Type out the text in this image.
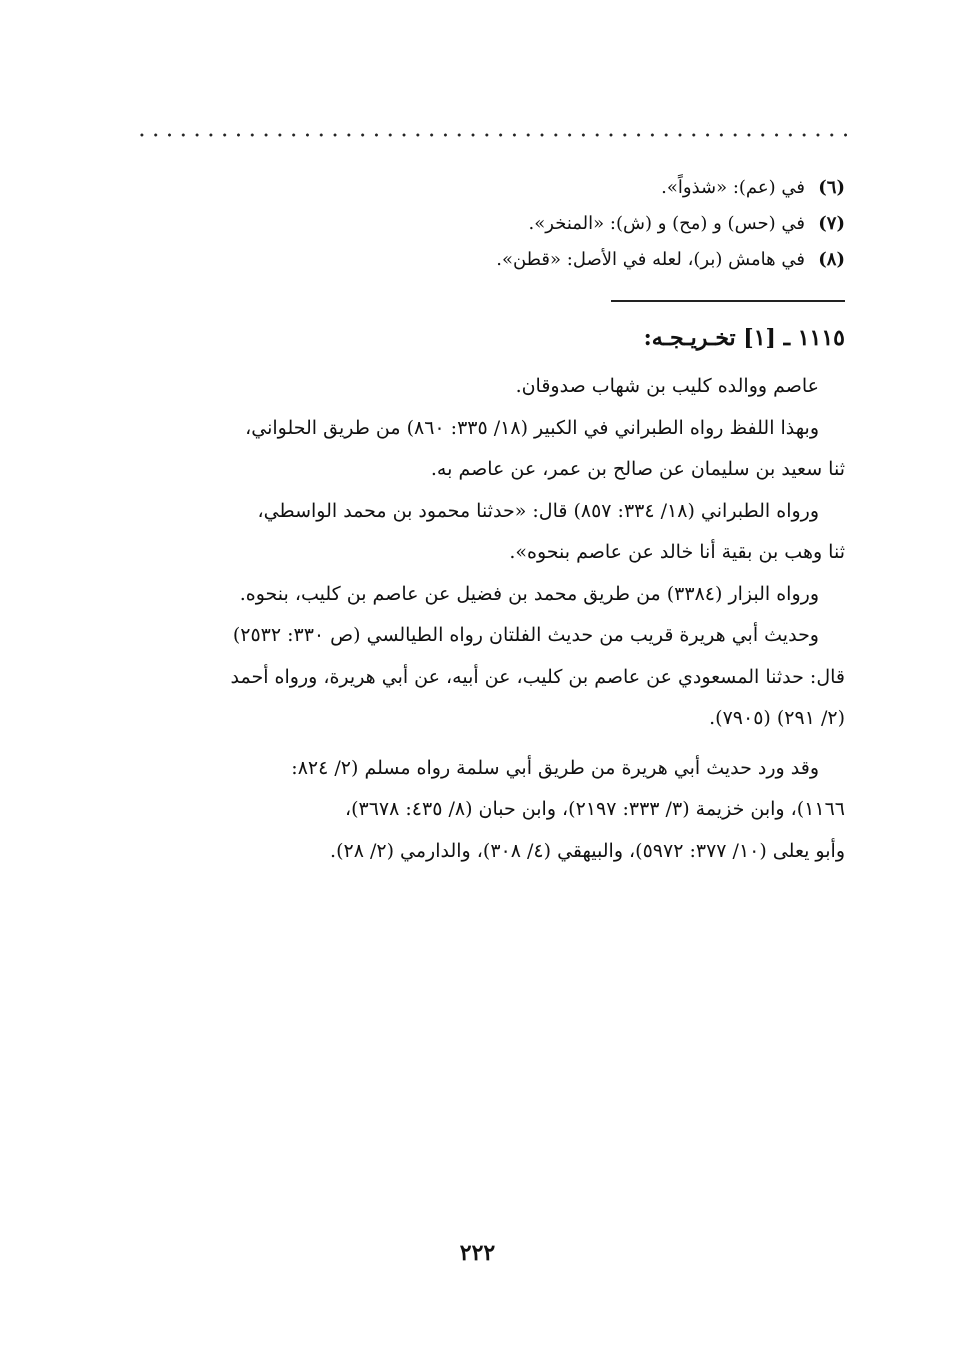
(٦)في (عم): «شذواً».
(٧)في (حس) و (مح) و (ش): «المنخر».
(٨)في هامش (بر)، لعله في الأصل: «قطن».
١١١٥ ـ [١] تخـريـجـه:

عاصم ووالده كليب بن شهاب صدوقان.

وبهذا اللفظ رواه الطبراني في الكبير (١٨/ ٣٣٥: ٨٦٠) من طريق الحلواني،
ثنا سعيد بن سليمان عن صالح بن عمر، عن عاصم به.

ورواه الطبراني (١٨/ ٣٣٤: ٨٥٧) قال: «حدثنا محمود بن محمد الواسطي،
ثنا وهب بن بقية أنا خالد عن عاصم بنحوه».

ورواه البزار (٣٣٨٤) من طريق محمد بن فضيل عن عاصم بن كليب، بنحوه.

وحديث أبي هريرة قريب من حديث الفلتان رواه الطيالسي (ص ٣٣٠: ٢٥٣٢)
قال: حدثنا المسعودي عن عاصم بن كليب، عن أبيه، عن أبي هريرة، ورواه أحمد
(٢/ ٢٩١) (٧٩٠٥).

وقد ورد حديث أبي هريرة من طريق أبي سلمة رواه مسلم (٢/ ٨٢٤:
١١٦٦)، وابن خزيمة (٣/ ٣٣٣: ٢١٩٧)، وابن حبان (٨/ ٤٣٥: ٣٦٧٨)،
وأبو يعلى (١٠/ ٣٧٧: ٥٩٧٢)، والبيهقي (٤/ ٣٠٨)، والدارمي (٢/ ٢٨).

٢٢٢
